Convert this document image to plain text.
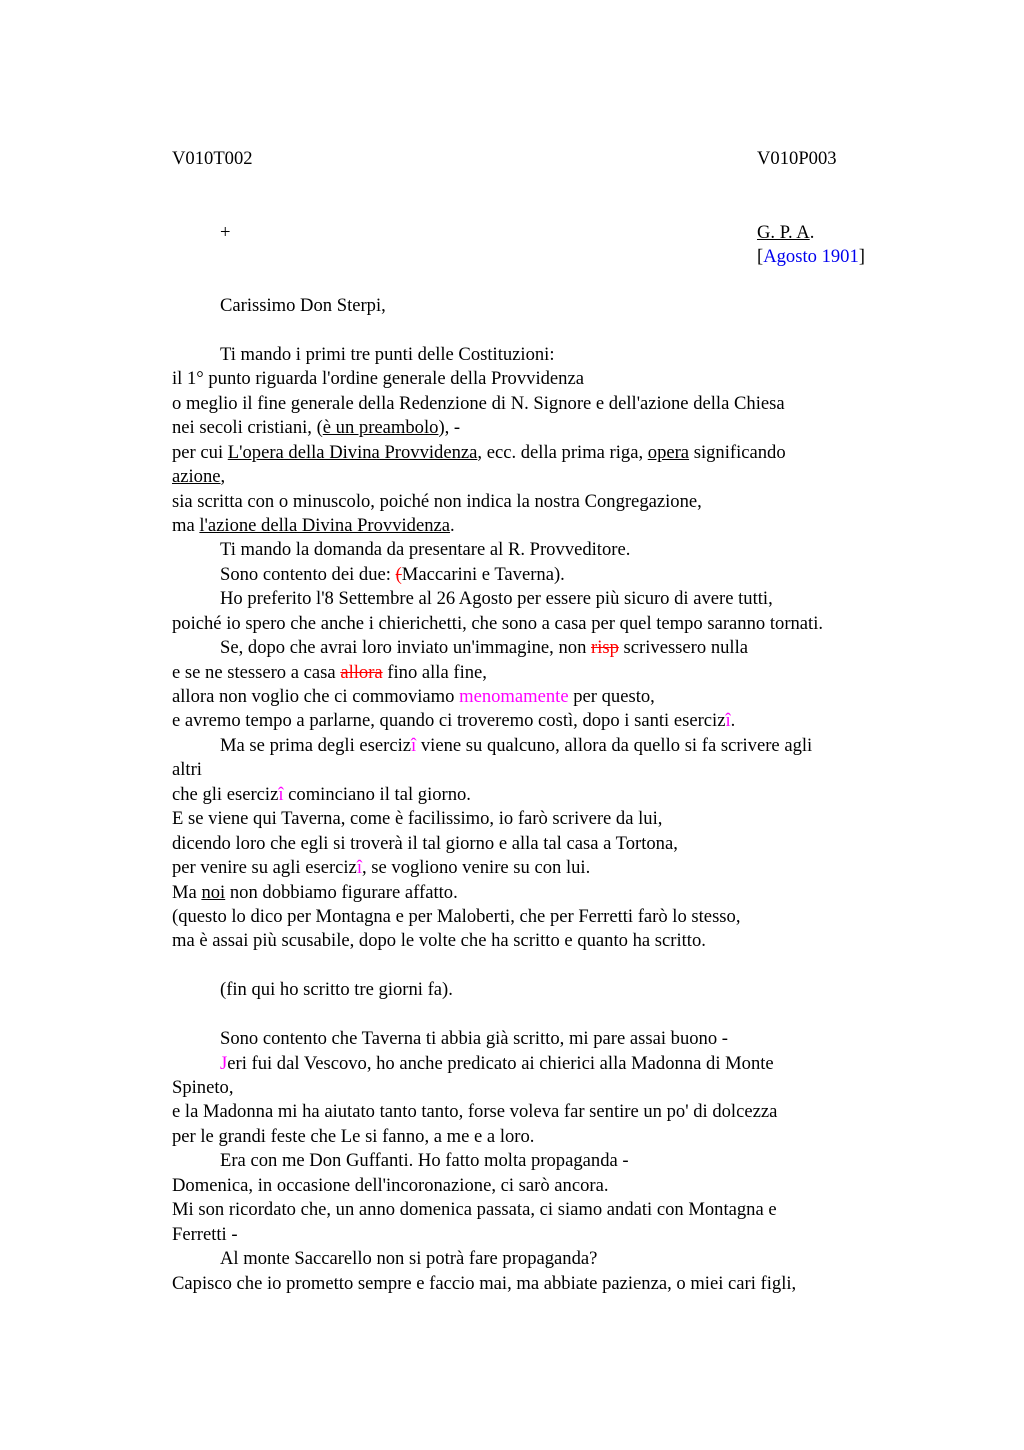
V010T002	V010P003
+	G. P. A.
[Agosto 1901]
Carissimo Don Sterpi,
Ti mando i primi tre punti delle Costituzioni:
il 1° punto riguarda l'ordine generale della Provvidenza
o meglio il fine generale della Redenzione di N. Signore e dell'azione della Chiesa
nei secoli cristiani, (è un preambolo), -
per cui L'opera della Divina Provvidenza, ecc. della prima riga, opera significando
azione,
sia scritta con o minuscolo, poiché non indica la nostra Congregazione,
ma l'azione della Divina Provvidenza.
Ti mando la domanda da presentare al R. Provveditore.
Sono contento dei due: (Maccarini e Taverna).
Ho preferito l'8 Settembre al 26 Agosto per essere più sicuro di avere tutti,
poiché io spero che anche i chierichetti, che sono a casa per quel tempo saranno tornati.
Se, dopo che avrai loro inviato un'immagine, non risp scrivessero nulla
e se ne stessero a casa allora fino alla fine,
allora non voglio che ci commoviamo menomamente per questo,
e avremo tempo a parlarne, quando ci troveremo costì, dopo i santi esercizî.
Ma se prima degli esercizî viene su qualcuno, allora da quello si fa scrivere agli
altri
che gli esercizî cominciano il tal giorno.
E se viene qui Taverna, come è facilissimo, io farò scrivere da lui,
dicendo loro che egli si troverà il tal giorno e alla tal casa a Tortona,
per venire su agli esercizî, se vogliono venire su con lui.
Ma noi non dobbiamo figurare affatto.
(questo lo dico per Montagna e per Maloberti, che per Ferretti farò lo stesso,
ma è assai più scusabile, dopo le volte che ha scritto e quanto ha scritto.
(fin qui ho scritto tre giorni fa).
Sono contento che Taverna ti abbia già scritto, mi pare assai buono -
Jeri fui dal Vescovo, ho anche predicato ai chierici alla Madonna di Monte
Spineto,
e la Madonna mi ha aiutato tanto tanto, forse voleva far sentire un po' di dolcezza
per le grandi feste che Le si fanno, a me e a loro.
Era con me Don Guffanti. Ho fatto molta propaganda -
Domenica, in occasione dell'incoronazione, ci sarò ancora.
Mi son ricordato che, un anno domenica passata, ci siamo andati con Montagna e
Ferretti -
Al monte Saccarello non si potrà fare propaganda?
Capisco che io prometto sempre e faccio mai, ma abbiate pazienza, o miei cari figli,
